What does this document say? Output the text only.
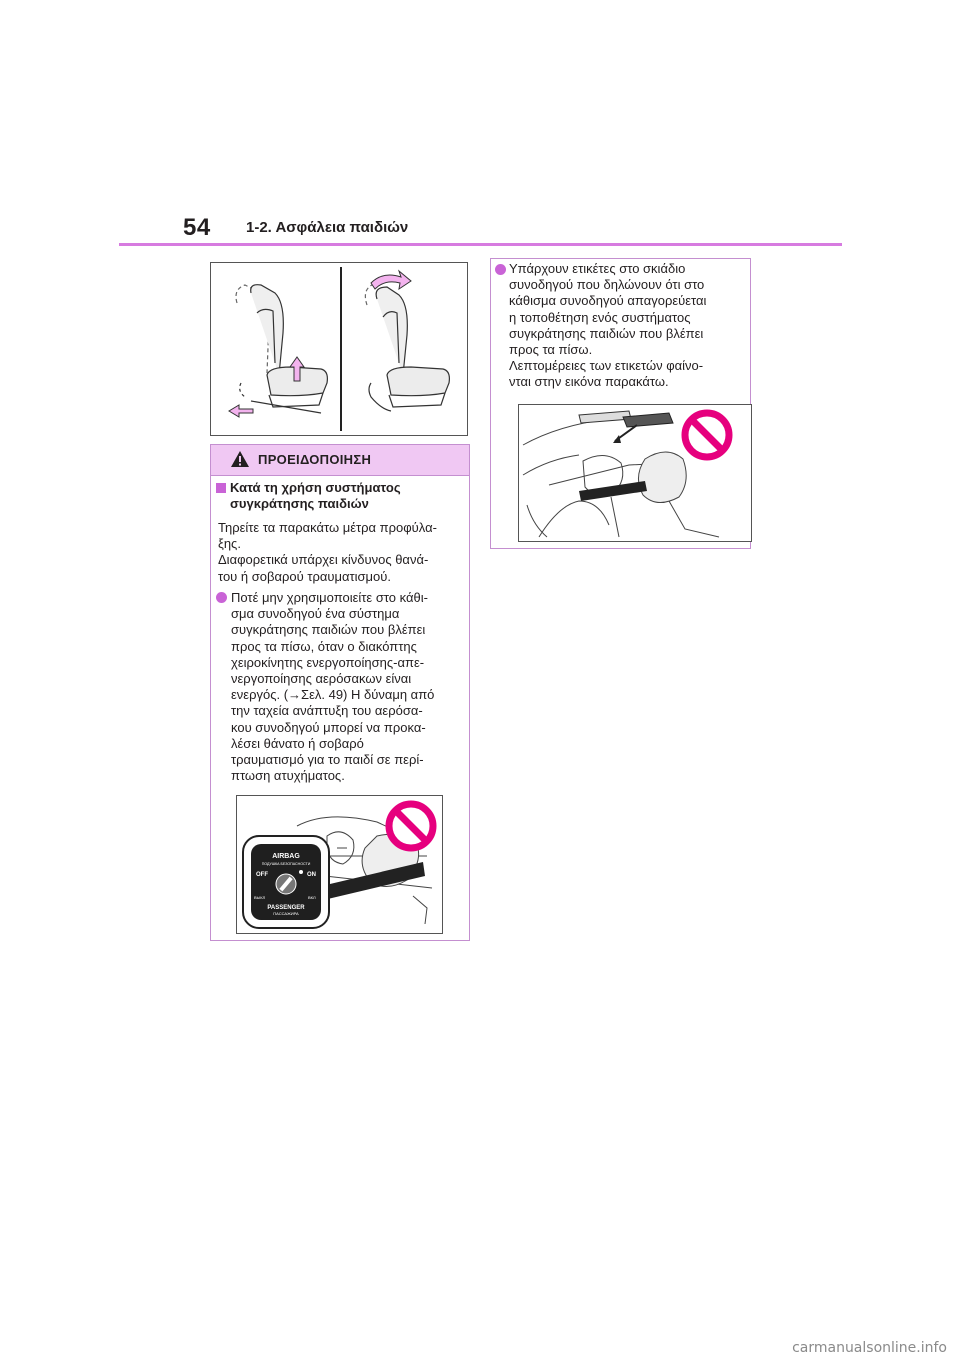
54 1-2. Ασφάλεια παιδιών
ΠΡΟΕΙΔΟΠΟΙΗΣΗ
Κατά τη χρήση συστήματος
συγκράτησης παιδιών
Τηρείτε τα παρακάτω μέτρα προφύλα-
ξης.
Διαφορετικά υπάρχει κίνδυνος θανά-
του ή σοβαρού τραυματισμού.
Ποτέ μην χρησιμοποιείτε στο κάθι-
σμα συνοδηγού ένα σύστημα
συγκράτησης παιδιών που βλέπει
προς τα πίσω, όταν ο διακόπτης
χειροκίνητης ενεργοποίησης-απε-
νεργοποίησης αερόσακων είναι
ενεργός. (→Σελ. 49) Η δύναμη από
την ταχεία ανάπτυξη του αερόσα-
κου συνοδηγού μπορεί να προκα-
λέσει θάνατο ή σοβαρό
τραυματισμό για το παιδί σε περί-
πτωση ατυχήματος.
AIRBAG
ПОДУШКА БЕЗОПАСНОСТИ
OFF	ON
ВЫКЛ	ВКЛ
PASSENGER
ПАССАЖИРА
Υπάρχουν ετικέτες στο σκιάδιο
συνοδηγού που δηλώνουν ότι στο
κάθισμα συνοδηγού απαγορεύεται
η τοποθέτηση ενός συστήματος
συγκράτησης παιδιών που βλέπει
προς τα πίσω.
Λεπτομέρειες των ετικετών φαίνο-
νται στην εικόνα παρακάτω.
carmanualsonline.info
